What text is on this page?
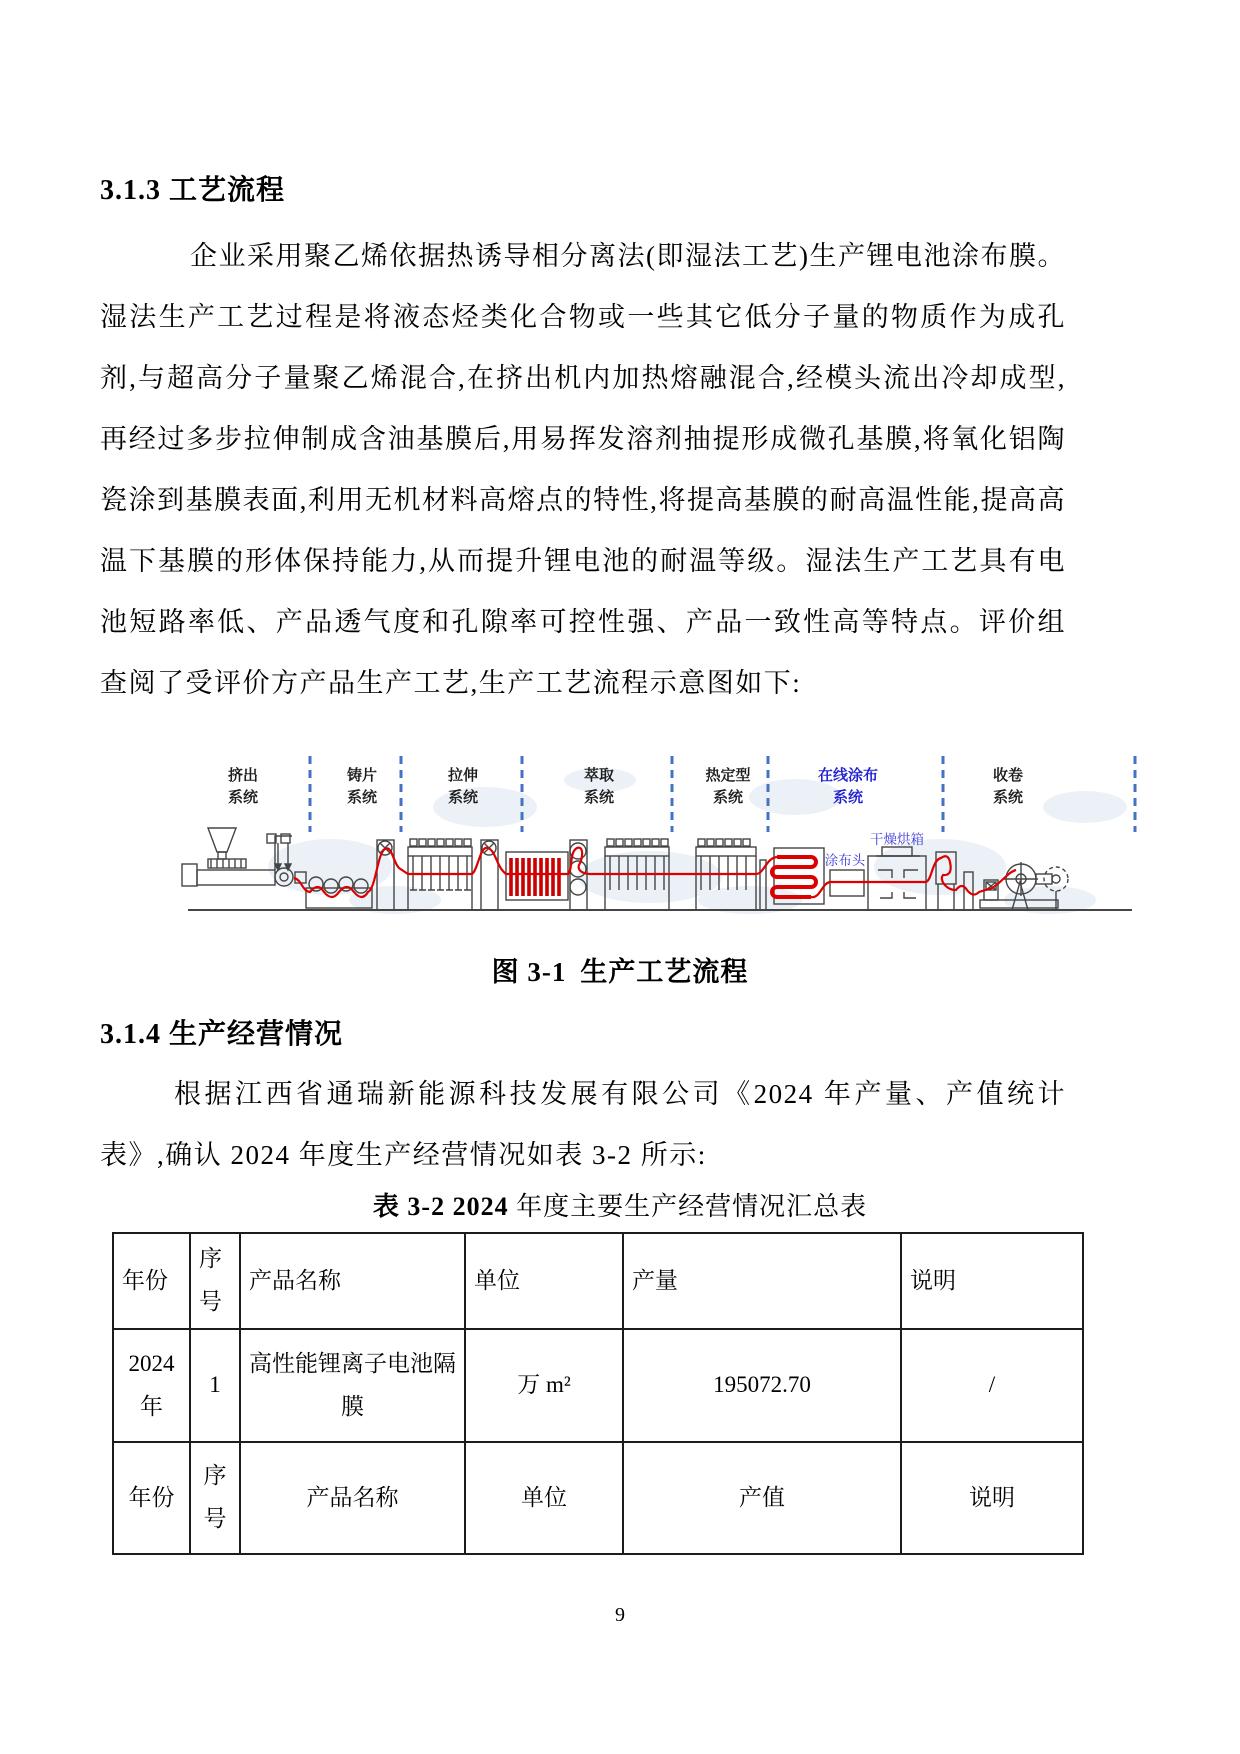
3.1.3 工艺流程

企业采用聚乙烯依据热诱导相分离法(即湿法工艺)生产锂电池涂布膜。湿法生产工艺过程是将液态烃类化合物或一些其它低分子量的物质作为成孔剂,与超高分子量聚乙烯混合,在挤出机内加热熔融混合,经模头流出冷却成型,再经过多步拉伸制成含油基膜后,用易挥发溶剂抽提形成微孔基膜,将氧化铝陶瓷涂到基膜表面,利用无机材料高熔点的特性,将提高基膜的耐高温性能,提高高温下基膜的形体保持能力,从而提升锂电池的耐温等级。湿法生产工艺具有电池短路率低、产品透气度和孔隙率可控性强、产品一致性高等特点。评价组查阅了受评价方产品生产工艺,生产工艺流程示意图如下:

挤出
系统
铸片
系统
拉伸
系统
萃取
系统
热定型
系统
在线涂布
系统
收卷
系统
干燥烘箱
涂布头

图 3-1 生产工艺流程

3.1.4 生产经营情况

根据江西省通瑞新能源科技发展有限公司《2024 年产量、产值统计表》,确认 2024 年度生产经营情况如表 3-2 所示:

表 3-2 2024 年度主要生产经营情况汇总表

年份	序号	产品名称	单位	产量	说明
2024 年	1	高性能锂离子电池隔膜	万 m²	195072.70	/
年份	序号	产品名称	单位	产值	说明
9
